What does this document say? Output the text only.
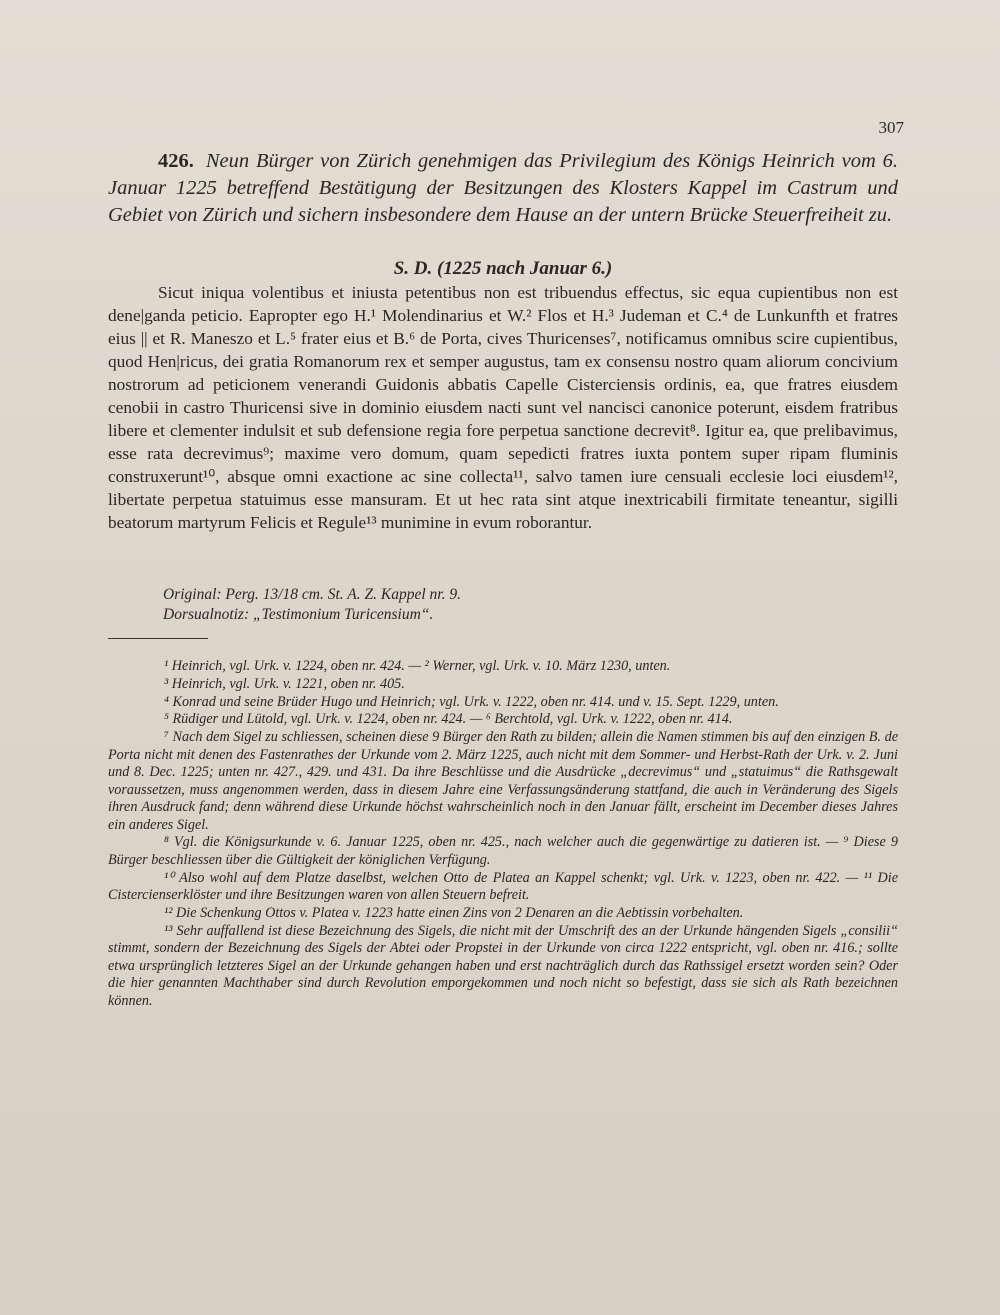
307
426. Neun Bürger von Zürich genehmigen das Privilegium des Königs Heinrich vom 6. Januar 1225 betreffend Bestätigung der Besitzungen des Klosters Kappel im Castrum und Gebiet von Zürich und sichern insbesondere dem Hause an der untern Brücke Steuerfreiheit zu.
S. D. (1225 nach Januar 6.)

Sicut iniqua volentibus et iniusta petentibus non est tribuendus effectus, sic equa cupientibus non est dene|ganda peticio. Eapropter ego H.¹ Molendinarius et W.² Flos et H.³ Judeman et C.⁴ de Lunkunfth et fratres eius || et R. Maneszo et L.⁵ frater eius et B.⁶ de Porta, cives Thuricenses⁷, notificamus omnibus scire cupientibus, quod Hen|ricus, dei gratia Romanorum rex et semper augustus, tam ex consensu nostro quam aliorum concivium nostrorum ad peticionem venerandi Guidonis abbatis Capelle Cisterciensis ordinis, ea, que fratres eiusdem cenobii in castro Thuricensi sive in dominio eiusdem nacti sunt vel nancisci canonice poterunt, eisdem fratribus libere et clementer indulsit et sub defensione regia fore perpetua sanctione decrevit⁸. Igitur ea, que prelibavimus, esse rata decrevimus⁹; maxime vero domum, quam sepedicti fratres iuxta pontem super ripam fluminis construxerunt¹⁰, absque omni exactione ac sine collecta¹¹, salvo tamen iure censuali ecclesie loci eiusdem¹², libertate perpetua statuimus esse mansuram. Et ut hec rata sint atque inextricabili firmitate teneantur, sigilli beatorum martyrum Felicis et Regule¹³ munimine in evum roborantur.

Original: Perg. 13/18 cm. St. A. Z. Kappel nr. 9.
Dorsualnotiz: „Testimonium Turicensium“.

¹ Heinrich, vgl. Urk. v. 1224, oben nr. 424. — ² Werner, vgl. Urk. v. 10. März 1230, unten.

³ Heinrich, vgl. Urk. v. 1221, oben nr. 405.

⁴ Konrad und seine Brüder Hugo und Heinrich; vgl. Urk. v. 1222, oben nr. 414. und v. 15. Sept. 1229, unten.

⁵ Rüdiger und Lütold, vgl. Urk. v. 1224, oben nr. 424. — ⁶ Berchtold, vgl. Urk. v. 1222, oben nr. 414.

⁷ Nach dem Sigel zu schliessen, scheinen diese 9 Bürger den Rath zu bilden; allein die Namen stimmen bis auf den einzigen B. de Porta nicht mit denen des Fastenrathes der Urkunde vom 2. März 1225, auch nicht mit dem Sommer- und Herbst-Rath der Urk. v. 2. Juni und 8. Dec. 1225; unten nr. 427., 429. und 431. Da ihre Beschlüsse und die Ausdrücke „decrevimus“ und „statuimus“ die Rathsgewalt voraussetzen, muss angenommen werden, dass in diesem Jahre eine Verfassungsänderung stattfand, die auch in Veränderung des Sigels ihren Ausdruck fand; denn während diese Urkunde höchst wahrscheinlich noch in den Januar fällt, erscheint im December dieses Jahres ein anderes Sigel.

⁸ Vgl. die Königsurkunde v. 6. Januar 1225, oben nr. 425., nach welcher auch die gegenwärtige zu datieren ist. — ⁹ Diese 9 Bürger beschliessen über die Gültigkeit der königlichen Verfügung.

¹⁰ Also wohl auf dem Platze daselbst, welchen Otto de Platea an Kappel schenkt; vgl. Urk. v. 1223, oben nr. 422. — ¹¹ Die Cistercienserklöster und ihre Besitzungen waren von allen Steuern befreit.

¹² Die Schenkung Ottos v. Platea v. 1223 hatte einen Zins von 2 Denaren an die Aebtissin vorbehalten.

¹³ Sehr auffallend ist diese Bezeichnung des Sigels, die nicht mit der Umschrift des an der Urkunde hängenden Sigels „consilii“ stimmt, sondern der Bezeichnung des Sigels der Abtei oder Propstei in der Urkunde von circa 1222 entspricht, vgl. oben nr. 416.; sollte etwa ursprünglich letzteres Sigel an der Urkunde gehangen haben und erst nachträglich durch das Rathssigel ersetzt worden sein? Oder die hier genannten Machthaber sind durch Revolution emporgekommen und noch nicht so befestigt, dass sie sich als Rath bezeichnen können.
